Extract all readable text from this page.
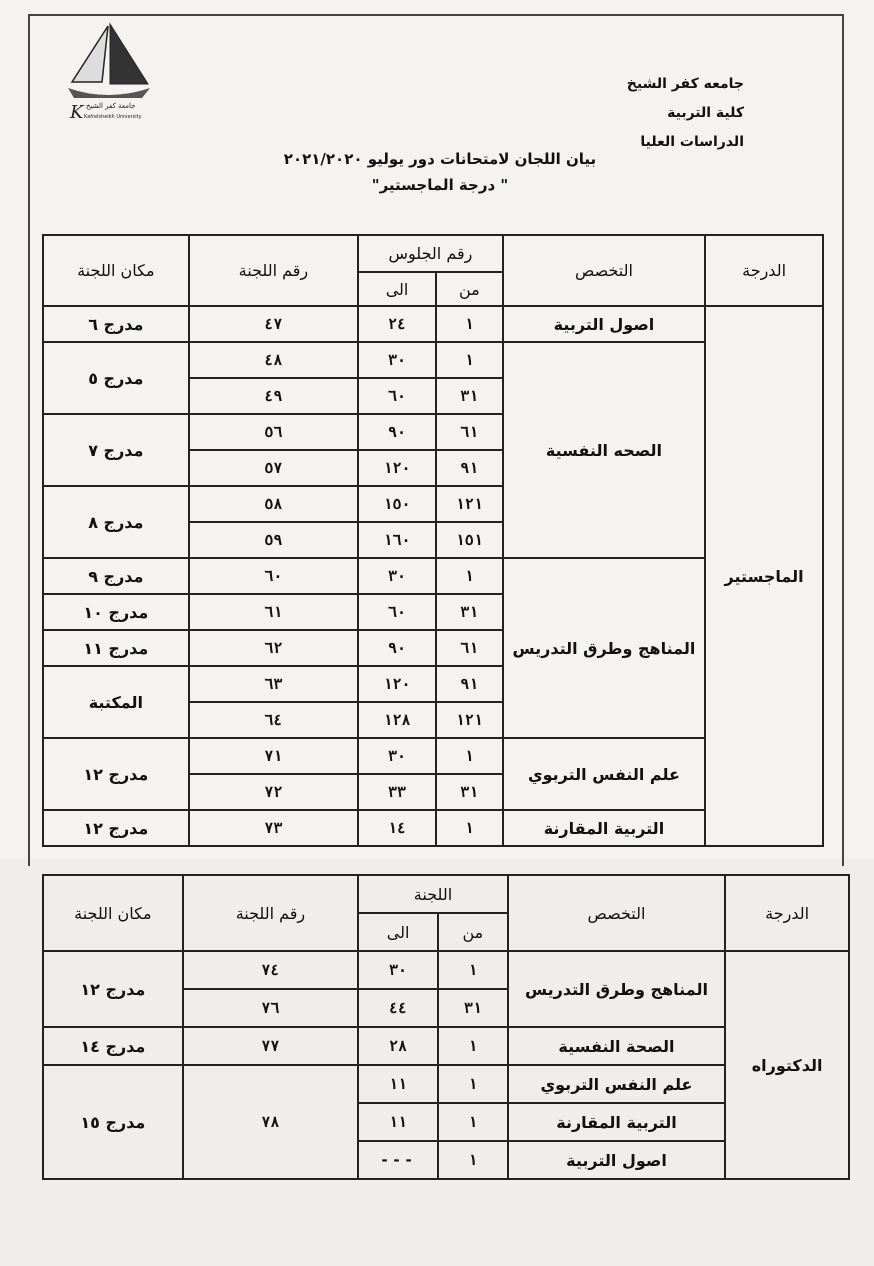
K جامعة كفر الشيخ
Kafrelsheikh University
جامعه كفر الشيخ
كلية التربية
الدراسات العليا
بيان اللجان لامتحانات دور يوليو ٢٠٢١/٢٠٢٠
"درجة الماجستير "
الدرجة	التخصص	رقم الجلوس		رقم اللجنة	مكان اللجنة
		من	الى		
الماجستير	اصول التربية	١	٢٤	٤٧	مدرج ٦
	الصحه النفسية	١	٣٠	٤٨	مدرج ٥
		٣١	٦٠	٤٩	
		٦١	٩٠	٥٦	مدرج ٧
		٩١	١٢٠	٥٧	
		١٢١	١٥٠	٥٨	مدرج ٨
		١٥١	١٦٠	٥٩	
	المناهج وطرق التدريس	١	٣٠	٦٠	مدرج ٩
		٣١	٦٠	٦١	مدرج ١٠
		٦١	٩٠	٦٢	مدرج ١١
		٩١	١٢٠	٦٣	المكتبة
		١٢١	١٢٨	٦٤	
	علم النفس التربوي	١	٣٠	٧١	مدرج ١٢
		٣١	٣٣	٧٢	
	التربية المقارنة	١	١٤	٧٣	مدرج ١٢
الدرجة	التخصص	اللجنة		رقم اللجنة	مكان اللجنة
		من	الى		
الدكتوراه	المناهج وطرق التدريس	١	٣٠	٧٤	مدرج ١٢
		٣١	٤٤	٧٦	
	الصحة النفسية	١	٢٨	٧٧	مدرج ١٤
	علم النفس التربوي	١	١١	٧٨	مدرج ١٥
	التربية المقارنة	١	١١		
	اصول التربية	١	---		
